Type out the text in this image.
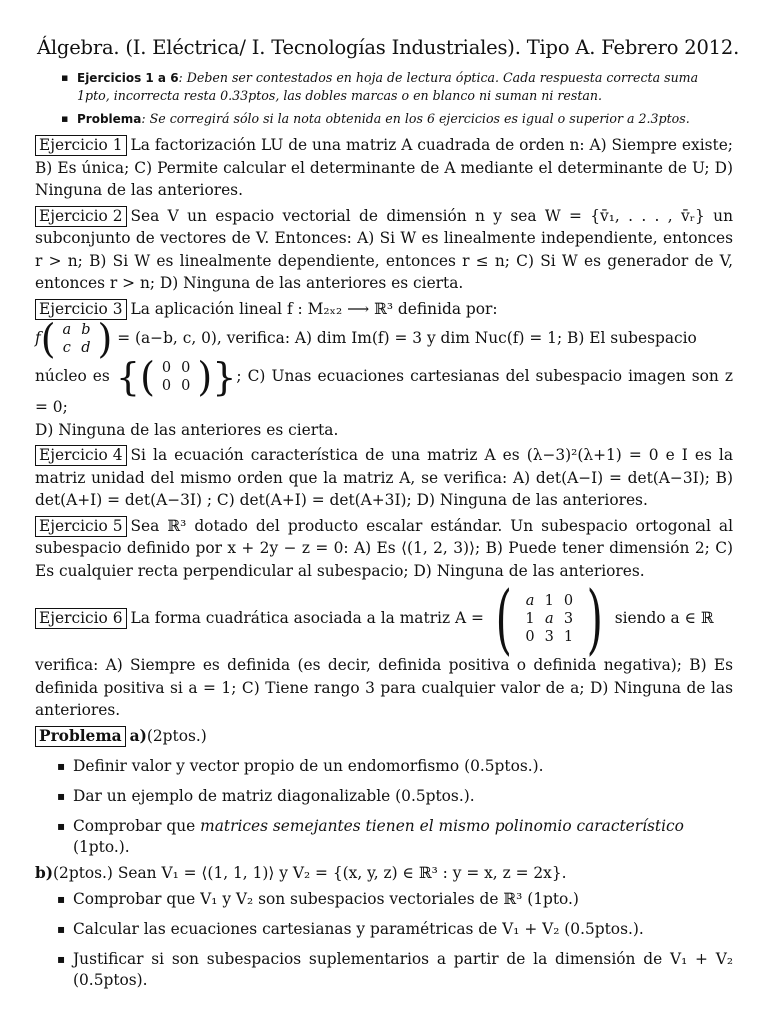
Álgebra. (I. Eléctrica/ I. Tecnologías Industriales). Tipo A. Febrero 2012.
▪ Ejercicios 1 a 6: Deben ser contestados en hoja de lectura óptica. Cada respuesta correcta suma 1pto, incorrecta resta 0.33ptos, las dobles marcas o en blanco ni suman ni restan.
▪ Problema: Se corregirá sólo si la nota obtenida en los 6 ejercicios es igual o superior a 2.3ptos.
Ejercicio 1 La factorización LU de una matriz A cuadrada de orden n: A) Siempre existe; B) Es única; C) Permite calcular el determinante de A mediante el determinante de U; D) Ninguna de las anteriores.
Ejercicio 2 Sea V un espacio vectorial de dimensión n y sea W = {v̄₁, . . . , v̄ᵣ} un subconjunto de vectores de V. Entonces: A) Si W es linealmente independiente, entonces r > n; B) Si W es linealmente dependiente, entonces r ≤ n; C) Si W es generador de V, entonces r > n; D) Ninguna de las anteriores es cierta.
Ejercicio 3 La aplicación lineal f : M₂ₓ₂ ⟶ ℝ³ definida por:
f( a	b
c	d ) = (a−b, c, 0), verifica: A) dim Im(f) = 3 y dim Nuc(f) = 1; B) El subespacio
núcleo es {( 0	0
0	0 )}; C) Unas ecuaciones cartesianas del subespacio imagen son z = 0;
D) Ninguna de las anteriores es cierta.
Ejercicio 4 Si la ecuación característica de una matriz A es (λ−3)²(λ+1) = 0 e I es la matriz unidad del mismo orden que la matriz A, se verifica: A) det(A−I) = det(A−3I); B) det(A+I) = det(A−3I) ; C) det(A+I) = det(A+3I); D) Ninguna de las anteriores.
Ejercicio 5 Sea ℝ³ dotado del producto escalar estándar. Un subespacio ortogonal al subespacio definido por x + 2y − z = 0: A) Es ⟨(1, 2, 3)⟩; B) Puede tener dimensión 2; C) Es cualquier recta perpendicular al subespacio; D) Ninguna de las anteriores.
Ejercicio 6 La forma cuadrática asociada a la matriz A = ( a	1	0
1	a	3
0	3	1 ) siendo a ∈ ℝ
verifica: A) Siempre es definida (es decir, definida positiva o definida negativa); B) Es definida positiva si a = 1; C) Tiene rango 3 para cualquier valor de a; D) Ninguna de las anteriores.
Problema a)(2ptos.)
▪ Definir valor y vector propio de un endomorfismo (0.5ptos.).
▪ Dar un ejemplo de matriz diagonalizable (0.5ptos.).
▪ Comprobar que matrices semejantes tienen el mismo polinomio característico (1pto.).
b)(2ptos.) Sean V₁ = ⟨(1, 1, 1)⟩ y V₂ = {(x, y, z) ∈ ℝ³ : y = x, z = 2x}.
▪ Comprobar que V₁ y V₂ son subespacios vectoriales de ℝ³ (1pto.)
▪ Calcular las ecuaciones cartesianas y paramétricas de V₁ + V₂ (0.5ptos.).
▪ Justificar si son subespacios suplementarios a partir de la dimensión de V₁ + V₂ (0.5ptos).
